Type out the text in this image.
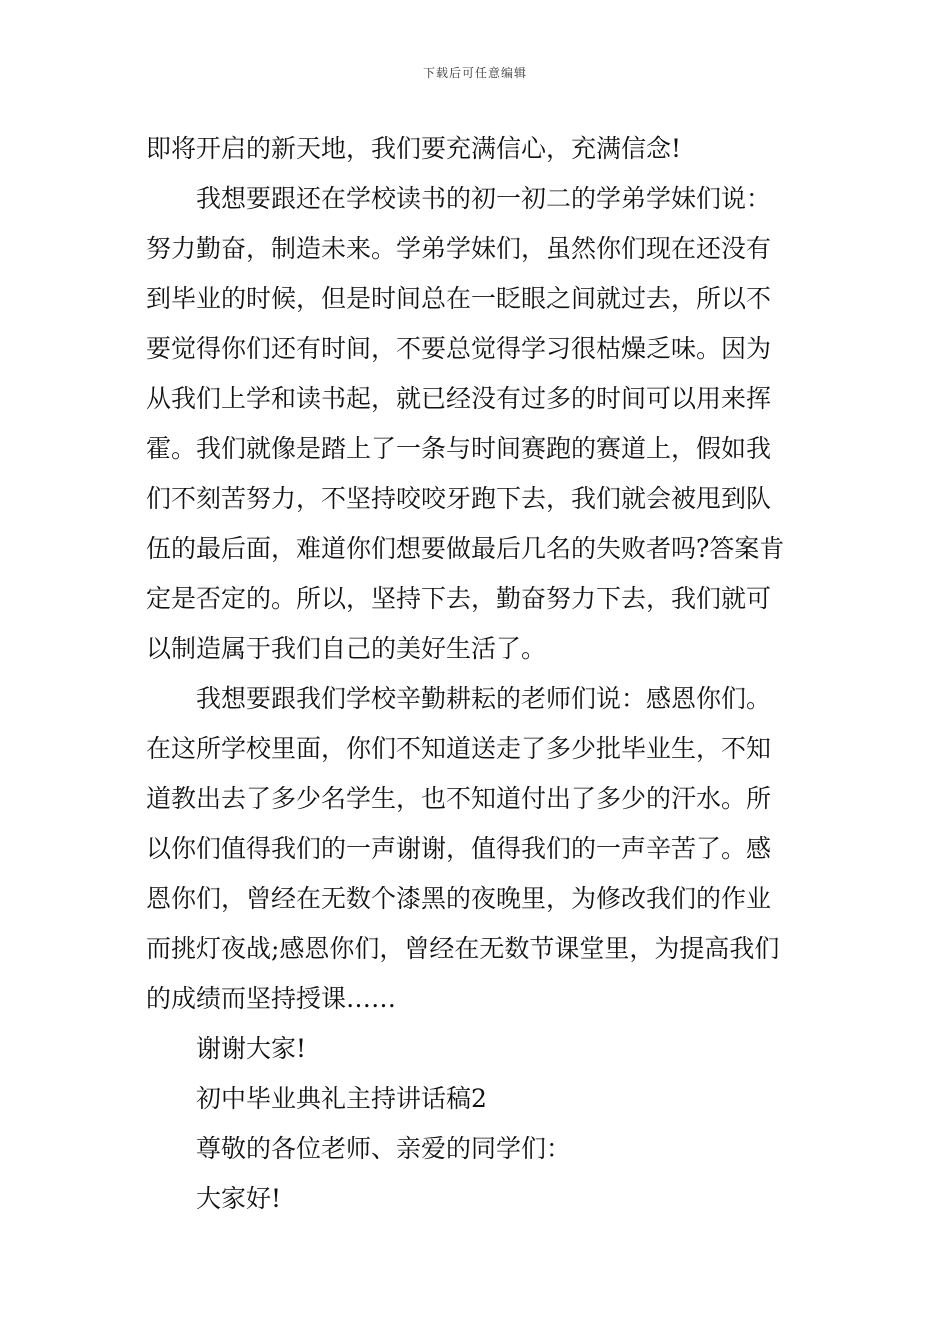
下载后可任意编辑
即将开启的新天地，我们要充满信心，充满信念!
我想要跟还在学校读书的初一初二的学弟学妹们说：
努力勤奋，制造未来。学弟学妹们，虽然你们现在还没有
到毕业的时候，但是时间总在一眨眼之间就过去，所以不
要觉得你们还有时间，不要总觉得学习很枯燥乏味。因为
从我们上学和读书起，就已经没有过多的时间可以用来挥
霍。我们就像是踏上了一条与时间赛跑的赛道上，假如我
们不刻苦努力，不坚持咬咬牙跑下去，我们就会被甩到队
伍的最后面，难道你们想要做最后几名的失败者吗?答案肯
定是否定的。所以，坚持下去，勤奋努力下去，我们就可
以制造属于我们自己的美好生活了。
我想要跟我们学校辛勤耕耘的老师们说：感恩你们。
在这所学校里面，你们不知道送走了多少批毕业生，不知
道教出去了多少名学生，也不知道付出了多少的汗水。所
以你们值得我们的一声谢谢，值得我们的一声辛苦了。感
恩你们，曾经在无数个漆黑的夜晚里，为修改我们的作业
而挑灯夜战;感恩你们，曾经在无数节课堂里，为提高我们
的成绩而坚持授课……
谢谢大家!
初中毕业典礼主持讲话稿2
尊敬的各位老师、亲爱的同学们：
大家好!
